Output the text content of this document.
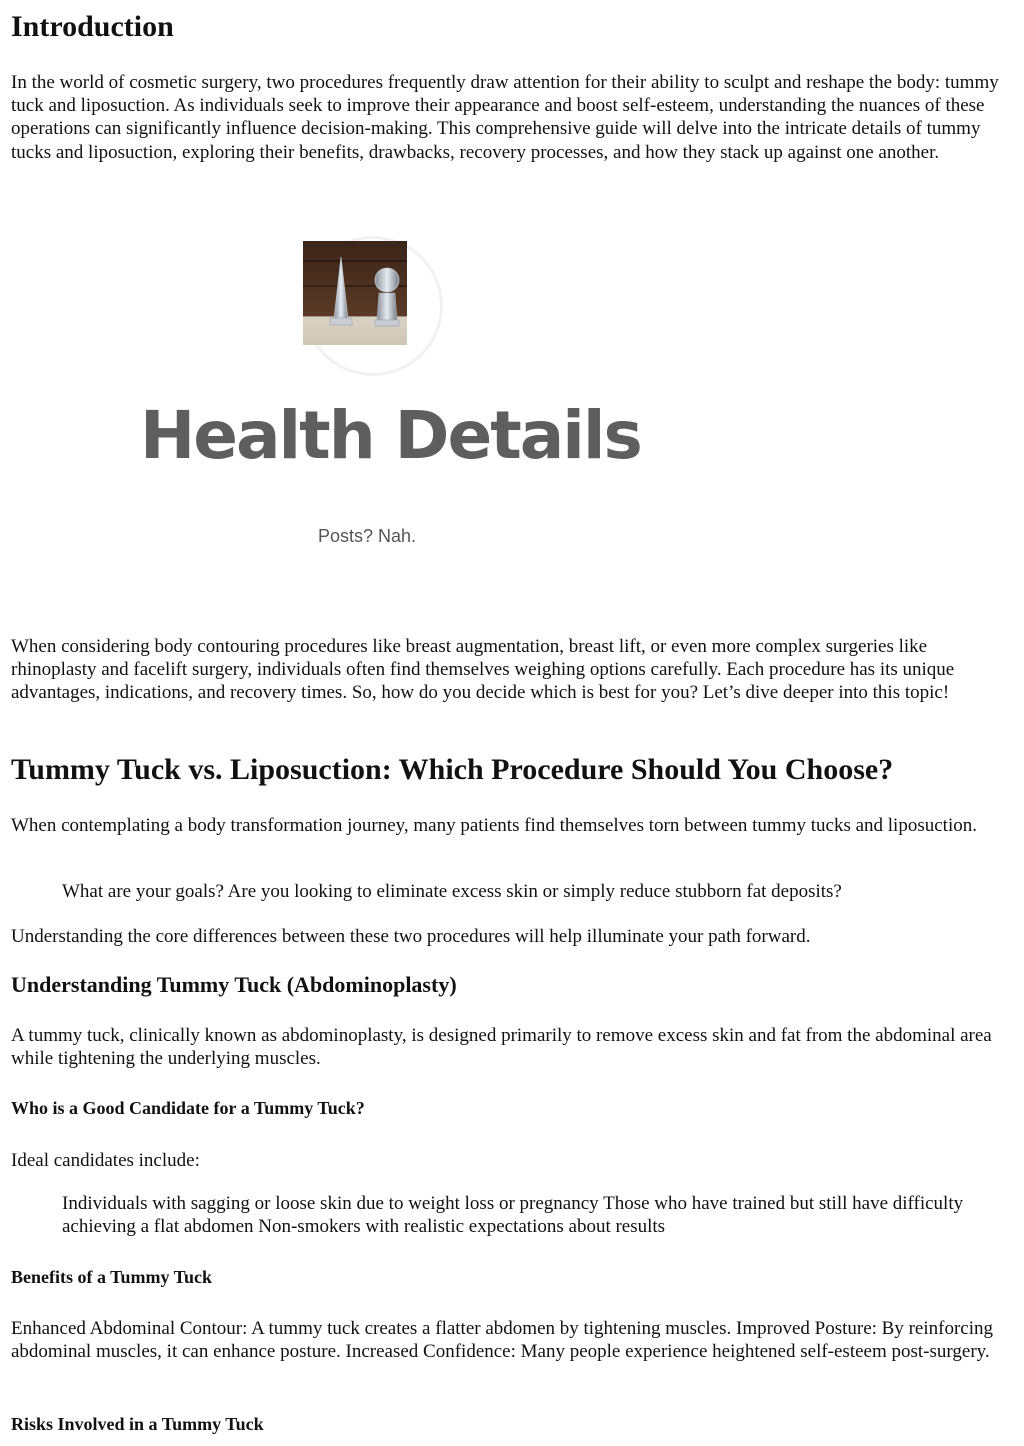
Introduction

In the world of cosmetic surgery, two procedures frequently draw attention for their ability to sculpt and reshape the body: tummy tuck and liposuction. As individuals seek to improve their appearance and boost self-esteem, understanding the nuances of these operations can significantly influence decision-making. This comprehensive guide will delve into the intricate details of tummy tucks and liposuction, exploring their benefits, drawbacks, recovery processes, and how they stack up against one another.

Health Details
Posts? Nah.

When considering body contouring procedures like breast augmentation, breast lift, or even more complex surgeries like rhinoplasty and facelift surgery, individuals often find themselves weighing options carefully. Each procedure has its unique advantages, indications, and recovery times. So, how do you decide which is best for you? Let’s dive deeper into this topic!

Tummy Tuck vs. Liposuction: Which Procedure Should You Choose?

When contemplating a body transformation journey, many patients find themselves torn between tummy tucks and liposuction.

What are your goals? Are you looking to eliminate excess skin or simply reduce stubborn fat deposits?

Understanding the core differences between these two procedures will help illuminate your path forward.

Understanding Tummy Tuck (Abdominoplasty)

A tummy tuck, clinically known as abdominoplasty, is designed primarily to remove excess skin and fat from the abdominal area while tightening the underlying muscles.

Who is a Good Candidate for a Tummy Tuck?

Ideal candidates include:

Individuals with sagging or loose skin due to weight loss or pregnancy Those who have trained but still have difficulty achieving a flat abdomen Non-smokers with realistic expectations about results
Benefits of a Tummy Tuck

Enhanced Abdominal Contour: A tummy tuck creates a flatter abdomen by tightening muscles. Improved Posture: By reinforcing abdominal muscles, it can enhance posture. Increased Confidence: Many people experience heightened self-esteem post-surgery.

Risks Involved in a Tummy Tuck
